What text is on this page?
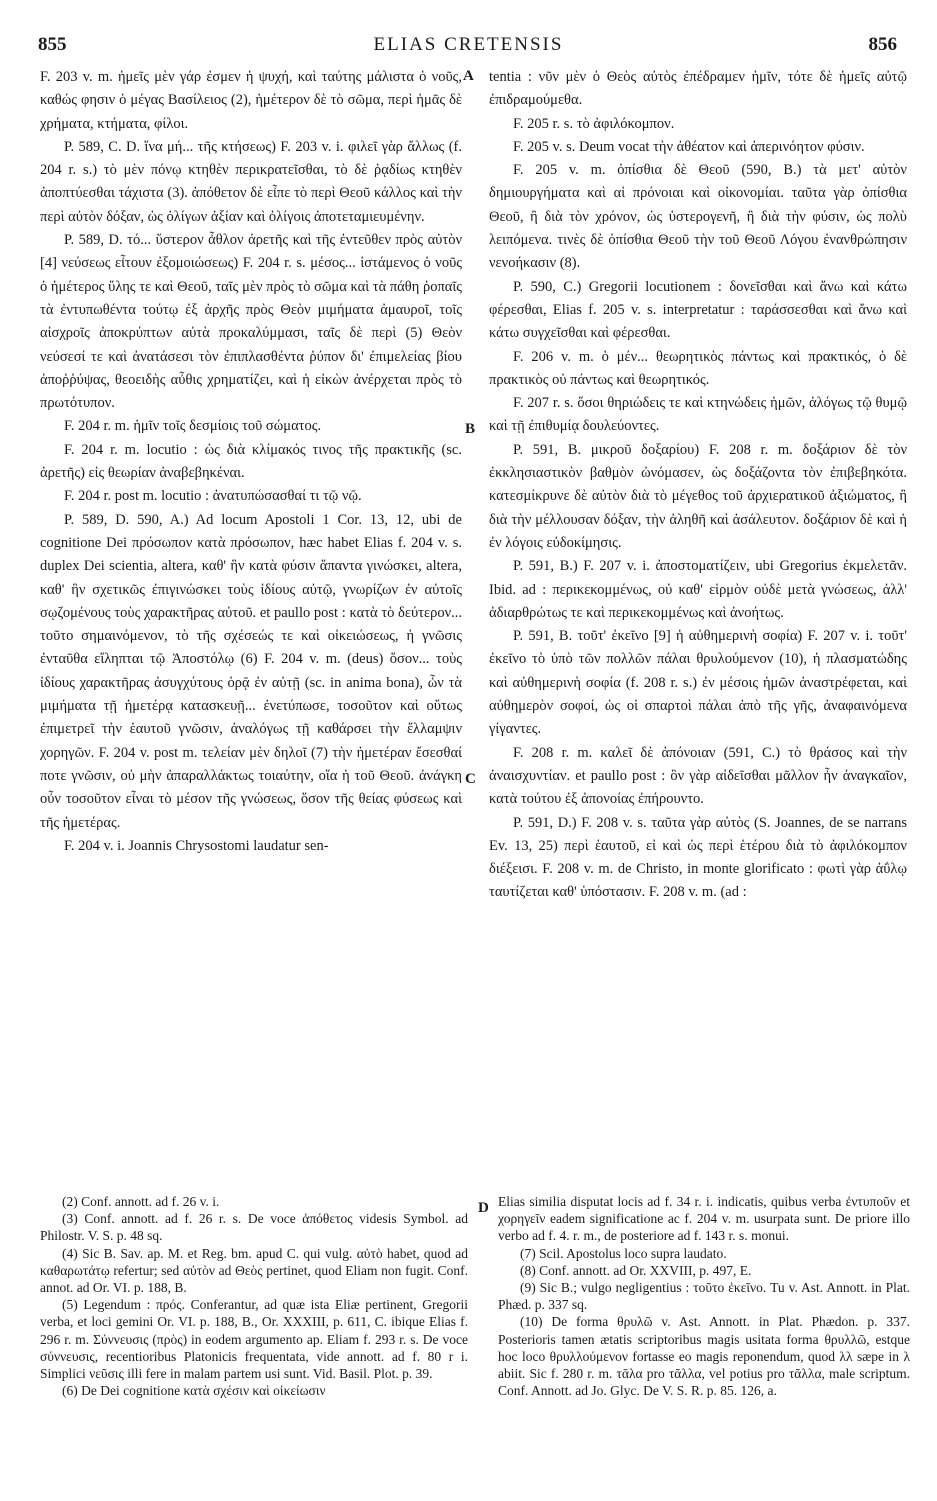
855	ELIAS CRETENSIS	856

F. 203 v. m. ἡμεῖς μὲν γάρ ἐσμεν ἡ ψυχή, καὶ ταύτης μάλιστα ὁ νοῦς, καθώς φησιν ὁ μέγας Βασίλειος (2), ἡμέτερον δὲ τὸ σῶμα, περὶ ἡμᾶς δὲ χρήματα, κτήματα, φίλοι.

P. 589, C. D. ἵνα μή... τῆς κτήσεως) F. 203 v. i. φιλεῖ γὰρ ἄλλως (f. 204 r. s.) τὸ μὲν πόνῳ κτηθὲν περικρατεῖσθαι, τὸ δὲ ῥᾳδίως κτηθὲν ἀποπτύεσθαι τάχιστα (3). ἀπόθετον δὲ εἶπε τὸ περὶ Θεοῦ κάλλος καὶ τὴν περὶ αὐτὸν δόξαν, ὡς ὀλίγων ἀξίαν καὶ ὀλίγοις ἀποτεταμιευμένην.

P. 589, D. τό... ὕστερον ἆθλον ἀρετῆς καὶ τῆς ἐντεῦθεν πρὸς αὐτὸν [4] νεύσεως εἶτουν ἐξομοιώσεως) F. 204 r. s. μέσος... ἱστάμενος ὁ νοῦς ὁ ἡμέτερος ὕλης τε καὶ Θεοῦ, ταῖς μὲν πρὸς τὸ σῶμα καὶ τὰ πάθη ῥοπαῖς τὰ ἐντυπωθέντα τούτῳ ἐξ ἀρχῆς πρὸς Θεὸν μιμήματα ἀμαυροῖ, τοῖς αἰσχροῖς ἀποκρύπτων αὐτὰ προκαλύμμασι, ταῖς δὲ περὶ (5) Θεὸν νεύσεσί τε καὶ ἀνατάσεσι τὸν ἐπιπλασθέντα ῥύπον δι' ἐπιμελείας βίου ἀποῤῥύψας, θεοειδὴς αὖθις χρηματίζει, καὶ ἡ εἰκὼν ἀνέρχεται πρὸς τὸ πρωτότυπον.

F. 204 r. m. ἡμῖν τοῖς δεσμίοις τοῦ σώματος.

F. 204 r. m. locutio : ὡς διὰ κλίμακός τινος τῆς πρακτικῆς (sc. ἀρετῆς) εἰς θεωρίαν ἀναβεβηκέναι.

F. 204 r. post m. locutio : ἀνατυπώσασθαί τι τῷ νῷ.

P. 589, D. 590, A.) Ad locum Apostoli 1 Cor. 13, 12, ubi de cognitione Dei πρόσωπον κατὰ πρόσωπον, hæc habet Elias f. 204 v. s. duplex Dei scientia, altera, καθ' ἣν κατὰ φύσιν ἅπαντα γινώσκει, altera, καθ' ἣν σχετικῶς ἐπιγινώσκει τοὺς ἰδίους αὐτῷ, γνωρίζων ἐν αὐτοῖς σῳζομένους τοὺς χαρακτῆρας αὐτοῦ. et paullo post : κατὰ τὸ δεύτερον... τοῦτο σημαινόμενον, τὸ τῆς σχέσεώς τε καὶ οἰκειώσεως, ἡ γνῶσις ἐνταῦθα εἴληπται τῷ Ἀποστόλῳ (6) F. 204 v. m. (deus) ὅσον... τοὺς ἰδίους χαρακτῆρας ἀσυγχύτους ὁρᾷ ἐν αὐτῇ (sc. in anima bona), ὧν τὰ μιμήματα τῇ ἡμετέρᾳ κατασκευῇ... ἐνετύπωσε, τοσοῦτον καὶ οὕτως ἐπιμετρεῖ τὴν ἑαυτοῦ γνῶσιν, ἀναλόγως τῇ καθάρσει τὴν ἔλλαμψιν χορηγῶν. F. 204 v. post m. τελείαν μὲν δηλοῖ (7) τὴν ἡμετέραν ἔσεσθαί ποτε γνῶσιν, οὐ μὴν ἀπαραλλάκτως τοιαύτην, οἵα ἡ τοῦ Θεοῦ. ἀνάγκη οὖν τοσοῦτον εἶναι τὸ μέσον τῆς γνώσεως, ὅσον τῆς θείας φύσεως καὶ τῆς ἡμετέρας.

F. 204 v. i. Joannis Chrysostomi laudatur sen-

A
B
C
D

tentia : νῦν μὲν ὁ Θεὸς αὐτὸς ἐπέδραμεν ἡμῖν, τότε δὲ ἡμεῖς αὐτῷ ἐπιδραμούμεθα.

F. 205 r. s. τὸ ἀφιλόκομπον.

F. 205 v. s. Deum vocat τὴν ἀθέατον καὶ ἀπερινόητον φύσιν.

F. 205 v. m. ὀπίσθια δὲ Θεοῦ (590, B.) τὰ μετ' αὐτὸν δημιουργήματα καὶ αἱ πρόνοιαι καὶ οἰκονομίαι. ταῦτα γὰρ ὀπίσθια Θεοῦ, ἢ διὰ τὸν χρόνον, ὡς ὑστερογενῆ, ἢ διὰ τὴν φύσιν, ὡς πολὺ λειπόμενα. τινὲς δὲ ὀπίσθια Θεοῦ τὴν τοῦ Θεοῦ Λόγου ἐνανθρώπησιν νενοήκασιν (8).

P. 590, C.) Gregorii locutionem : δονεῖσθαι καὶ ἄνω καὶ κάτω φέρεσθαι, Elias f. 205 v. s. interpretatur : ταράσσεσθαι καὶ ἄνω καὶ κάτω συγχεῖσθαι καὶ φέρεσθαι.

F. 206 v. m. ὁ μέν... θεωρητικὸς πάντως καὶ πρακτικός, ὁ δὲ πρακτικὸς οὐ πάντως καὶ θεωρητικός.

F. 207 r. s. ὅσοι θηριώδεις τε καὶ κτηνώδεις ἡμῶν, ἀλόγως τῷ θυμῷ καὶ τῇ ἐπιθυμίᾳ δουλεύοντες.

P. 591, B. μικροῦ δοξαρίου) F. 208 r. m. δοξάριον δὲ τὸν ἐκκλησιαστικὸν βαθμὸν ὠνόμασεν, ὡς δοξάζοντα τὸν ἐπιβεβηκότα. κατεσμίκρυνε δὲ αὐτὸν διὰ τὸ μέγεθος τοῦ ἀρχιερατικοῦ ἀξιώματος, ἢ διὰ τὴν μέλλουσαν δόξαν, τὴν ἀληθῆ καὶ ἀσάλευτον. δοξάριον δὲ καὶ ἡ ἐν λόγοις εὐδοκίμησις.

P. 591, B.) F. 207 v. i. ἀποστοματίζειν, ubi Gregorius ἐκμελετᾶν. Ibid. ad : περικεκομμένως, οὐ καθ' εἱρμὸν οὐδὲ μετὰ γνώσεως, ἀλλ' ἀδιαρθρώτως τε καὶ περικεκομμένως καὶ ἀνοήτως.

P. 591, B. τοῦτ' ἐκεῖνο [9] ἡ αὐθημερινὴ σοφία) F. 207 v. i. τοῦτ' ἐκεῖνο τὸ ὑπὸ τῶν πολλῶν πάλαι θρυλούμενον (10), ἡ πλασματώδης καὶ αὐθημερινὴ σοφία (f. 208 r. s.) ἐν μέσοις ἡμῶν ἀναστρέφεται, καὶ αὐθημερὸν σοφοί, ὡς οἱ σπαρτοὶ πάλαι ἀπὸ τῆς γῆς, ἀναφαινόμενα γίγαντες.

F. 208 r. m. καλεῖ δὲ ἀπόνοιαν (591, C.) τὸ θράσος καὶ τὴν ἀναισχυντίαν. et paullo post : ὃν γὰρ αἰδεῖσθαι μᾶλλον ἦν ἀναγκαῖον, κατὰ τούτου ἐξ ἀπονοίας ἐπήρουντο.

P. 591, D.) F. 208 v. s. ταῦτα γὰρ αὐτὸς (S. Joannes, de se narrans Ev. 13, 25) περὶ ἑαυτοῦ, εἰ καὶ ὡς περὶ ἑτέρου διὰ τὸ ἀφιλόκομπον διέξεισι. F. 208 v. m. de Christo, in monte glorificato : φωτὶ γὰρ ἀΰλῳ ταυτίζεται καθ' ὑπόστασιν. F. 208 v. m. (ad :

(2) Conf. annott. ad f. 26 v. i.

(3) Conf. annott. ad f. 26 r. s. De voce ἀπόθετος videsis Symbol. ad Philostr. V. S. p. 48 sq.

(4) Sic B. Sav. ap. M. et Reg. bm. apud C. qui vulg. αὐτὸ habet, quod ad καθαρωτάτῳ refertur; sed αὐτὸν ad Θεὸς pertinet, quod Eliam non fugit. Conf. annot. ad Or. VI. p. 188, B.

(5) Legendum : πρός. Conferantur, ad quæ ista Eliæ pertinent, Gregorii verba, et loci gemini Or. VI. p. 188, B., Or. XXXIII, p. 611, C. ibique Elias f. 296 r. m. Σύννευσις (πρὸς) in eodem argumento ap. Eliam f. 293 r. s. De voce σύννευσις, recentioribus Platonicis frequentata, vide annott. ad f. 80 r i. Simplici νεῦσις illi fere in malam partem usi sunt. Vid. Basil. Plot. p. 39.

(6) De Dei cognitione κατὰ σχέσιν καὶ οἰκείωσιν

Elias similia disputat locis ad f. 34 r. i. indicatis, quibus verba ἐντυποῦν et χορηγεῖν eadem significatione ac f. 204 v. m. usurpata sunt. De priore illo verbo ad f. 4. r. m., de posteriore ad f. 143 r. s. monui.

(7) Scil. Apostolus loco supra laudato.

(8) Conf. annott. ad Or. XXVIII, p. 497, E.

(9) Sic B.; vulgo negligentius : τοῦτο ἐκεῖνο. Tu v. Ast. Annott. in Plat. Phæd. p. 337 sq.

(10) De forma θρυλῶ v. Ast. Annott. in Plat. Phædon. p. 337. Posterioris tamen ætatis scriptoribus magis usitata forma θρυλλῶ, estque hoc loco θρυλλούμενον fortasse eo magis reponendum, quod λλ sæpe in λ abiit. Sic f. 280 r. m. τᾶλα pro τᾶλλα, vel potius pro τᾶλλα, male scriptum. Conf. Annott. ad Jo. Glyc. De V. S. R. p. 85. 126, a.
